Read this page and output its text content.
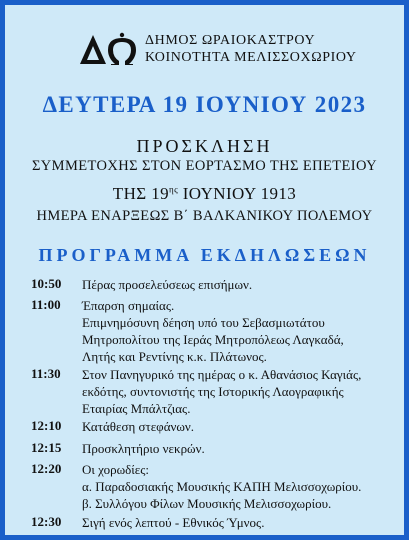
ΔΗΜΟΣ ΩΡΑΙΟΚΑΣΤΡΟΥ
ΚΟΙΝΟΤΗΤΑ ΜΕΛΙΣΣΟΧΩΡΙΟΥ
ΔΕΥΤΕΡΑ 19 ΙΟΥΝΙΟΥ 2023
ΠΡΟΣΚΛΗΣΗ
ΣΥΜΜΕΤΟΧΗΣ ΣΤΟΝ ΕΟΡΤΑΣΜΟ ΤΗΣ ΕΠΕΤΕΙΟΥ
ΤΗΣ $19^{\eta\varsigma}$ ΙΟΥΝΙΟΥ 1913
ΗΜΕΡΑ ΕΝΑΡΞΕΩΣ Β΄ ΒΑΛΚΑΝΙΚΟΥ ΠΟΛΕΜΟΥ
ΠΡΟΓΡΑΜΜΑ ΕΚΔΗΛΩΣΕΩΝ
10:50 Πέρας προσελεύσεως επισήμων.
11:00 Έπαρση σημαίας.
Επιμνημόσυνη δέηση υπό του Σεβασμιωτάτου
Μητροπολίτου της Ιεράς Μητροπόλεως Λαγκαδά,
Λητής και Ρεντίνης κ.κ. Πλάτωνος.
11:30 Στον Πανηγυρικό της ημέρας ο κ. Αθανάσιος Καγιάς,
εκδότης, συντονιστής της Ιστορικής Λαογραφικής
Εταιρίας Μπάλτζιας.
12:10 Κατάθεση στεφάνων.
12:15 Προσκλητήριο νεκρών.
12:20 Οι χορωδίες:
α. Παραδοσιακής Μουσικής ΚΑΠΗ Μελισσοχωρίου.
β. Συλλόγου Φίλων Μουσικής Μελισσοχωρίου.
12:30 Σιγή ενός λεπτού - Εθνικός Ύμνος.
